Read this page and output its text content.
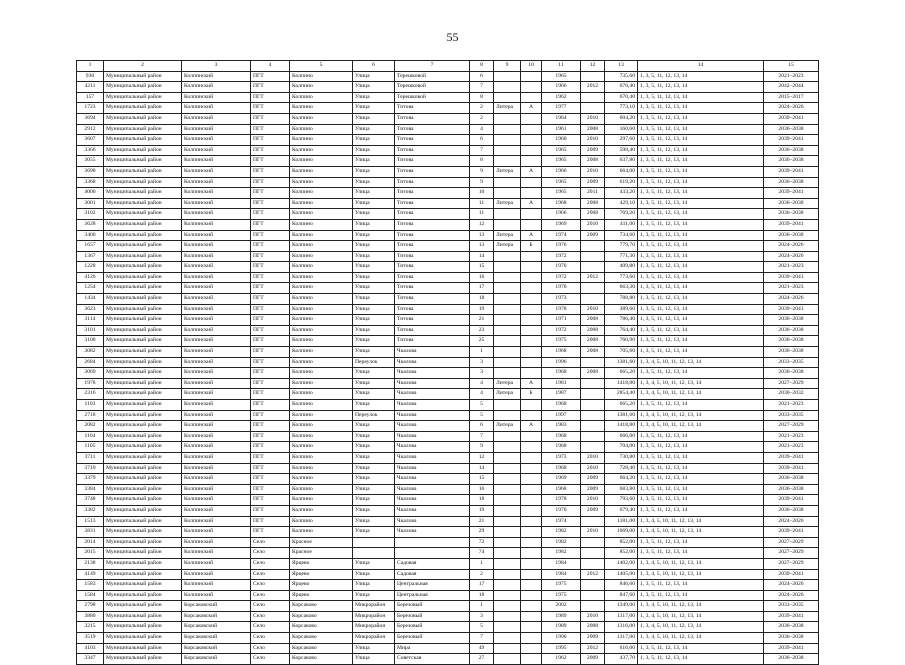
55
1	2	3	4	5	6	7	8	9	10	11	12	13	14	15
930	Муниципальный район	Колпинский	ПГТ	Колпино	Улица	Терешковой	6			1965		735,60	1, 3, 5, 11, 12, 13, 14	2021–2023
4211	Муниципальный район	Колпинский	ПГТ	Колпино	Улица	Терешковой	7			1966	2012	676,40	1, 3, 5, 11, 12, 13, 14	2042–2044
157	Муниципальный район	Колпинский	ПГТ	Колпино	Улица	Терешковой	8			1962		670,40	1, 3, 5, 11, 12, 13, 14	2015–2017
1723	Муниципальный район	Колпинский	ПГТ	Колпино	Улица	Титова	2	Литера	А	1977		773,10	1, 3, 5, 11, 12, 13, 14	2024–2026
3694	Муниципальный район	Колпинский	ПГТ	Колпино	Улица	Титова	2			1964	2010	604,20	1, 3, 5, 11, 12, 13, 14	2039–2041
2912	Муниципальный район	Колпинский	ПГТ	Колпино	Улица	Титова	4			1961	2008	160,60	1, 3, 5, 11, 12, 13, 14	2036–2038
3607	Муниципальный район	Колпинский	ПГТ	Колпино	Улица	Титова	6			1960	2010	297,60	1, 3, 5, 11, 12, 13, 14	2039–2041
3366	Муниципальный район	Колпинский	ПГТ	Колпино	Улица	Титова	7			1965	2009	598,40	1, 3, 5, 11, 12, 13, 14	2036–2038
3055	Муниципальный район	Колпинский	ПГТ	Колпино	Улица	Титова	8			1965	2008	637,80	1, 3, 5, 11, 12, 13, 14	2036–2038
3690	Муниципальный район	Колпинский	ПГТ	Колпино	Улица	Титова	9	Литера	А	1966	2010	664,00	1, 3, 5, 11, 12, 13, 14	2039–2041
3368	Муниципальный район	Колпинский	ПГТ	Колпино	Улица	Титова	9			1965	2009	619,20	1, 3, 5, 11, 12, 13, 14	2036–2038
4000	Муниципальный район	Колпинский	ПГТ	Колпино	Улица	Титова	10			1965	2011	433,20	1, 3, 5, 11, 12, 13, 14	2039–2041
3001	Муниципальный район	Колпинский	ПГТ	Колпино	Улица	Титова	11	Литера	А	1968	2008	429,10	1, 3, 5, 11, 12, 13, 14	2036–2038
3102	Муниципальный район	Колпинский	ПГТ	Колпино	Улица	Титова	11			1966	2008	769,20	1, 3, 5, 11, 12, 13, 14	2036–2038
3628	Муниципальный район	Колпинский	ПГТ	Колпино	Улица	Титова	12			1969	2010	411,00	1, 3, 5, 11, 12, 13, 14	2039–2041
3400	Муниципальный район	Колпинский	ПГТ	Колпино	Улица	Титова	13	Литера	А	1974	2009	734,60	1, 3, 5, 11, 12, 13, 14	2036–2038
1657	Муниципальный район	Колпинский	ПГТ	Колпино	Улица	Титова	13	Литера	Б	1976		779,70	1, 3, 5, 11, 12, 13, 14	2024–2026
1367	Муниципальный район	Колпинский	ПГТ	Колпино	Улица	Титова	14			1972		771,30	1, 3, 5, 11, 12, 13, 14	2024–2026
1228	Муниципальный район	Колпинский	ПГТ	Колпино	Улица	Титова	15			1970		409,80	1, 3, 5, 11, 12, 13, 14	2021–2023
4126	Муниципальный район	Колпинский	ПГТ	Колпино	Улица	Титова	16			1972	2012	773,60	1, 3, 5, 11, 12, 13, 14	2039–2041
1254	Муниципальный район	Колпинский	ПГТ	Колпино	Улица	Титова	17			1970		663,30	1, 3, 5, 11, 12, 13, 14	2021–2023
1434	Муниципальный район	Колпинский	ПГТ	Колпино	Улица	Титова	18			1973		788,80	1, 3, 5, 11, 12, 13, 14	2024–2026
3623	Муниципальный район	Колпинский	ПГТ	Колпино	Улица	Титова	19			1978	2010	389,60	1, 3, 5, 11, 12, 13, 14	2039–2041
3114	Муниципальный район	Колпинский	ПГТ	Колпино	Улица	Титова	21			1971	2008	786,40	1, 3, 5, 11, 12, 13, 14	2036–2038
3101	Муниципальный район	Колпинский	ПГТ	Колпино	Улица	Титова	23			1972	2008	764,40	1, 3, 5, 11, 12, 13, 14	2036–2038
3100	Муниципальный район	Колпинский	ПГТ	Колпино	Улица	Титова	25			1975	2008	760,90	1, 3, 5, 11, 12, 13, 14	2036–2038
3082	Муниципальный район	Колпинский	ПГТ	Колпино	Улица	Чкалова	1			1968	2008	705,60	1, 3, 5, 11, 12, 13, 14	2036–2038
2684	Муниципальный район	Колпинский	ПГТ	Колпино	Переулок	Чкалова	3			1996		1381,60	1, 3, 4, 5, 10, 11, 12, 13, 14	2033–2035
3069	Муниципальный район	Колпинский	ПГТ	Колпино	Улица	Чкалова	3			1968	2008	665,20	1, 3, 5, 11, 12, 13, 14	2036–2038
1978	Муниципальный район	Колпинский	ПГТ	Колпино	Улица	Чкалова	4	Литера	А	1981		1418,80	1, 3, 4, 5, 10, 11, 12, 13, 14	2027–2029
2316	Муниципальный район	Колпинский	ПГТ	Колпино	Улица	Чкалова	4	Литера	Б	1987		2854,40	1, 3, 4, 5, 10, 11, 12, 13, 14	2030–2032
1103	Муниципальный район	Колпинский	ПГТ	Колпино	Улица	Чкалова	5			1968		665,20	1, 3, 5, 11, 12, 13, 14	2021–2023
2718	Муниципальный район	Колпинский	ПГТ	Колпино	Переулок	Чкалова	5			1997		1381,60	1, 3, 4, 5, 10, 11, 12, 13, 14	2033–2035
2082	Муниципальный район	Колпинский	ПГТ	Колпино	Улица	Чкалова	6	Литера	А	1983		1418,80	1, 3, 4, 5, 10, 11, 12, 13, 14	2027–2029
1104	Муниципальный район	Колпинский	ПГТ	Колпино	Улица	Чкалова	7			1968		666,00	1, 3, 5, 11, 12, 13, 14	2021–2023
1105	Муниципальный район	Колпинский	ПГТ	Колпино	Улица	Чкалова	9			1968		704,00	1, 3, 5, 11, 12, 13, 14	2021–2023
3711	Муниципальный район	Колпинский	ПГТ	Колпино	Улица	Чкалова	12			1973	2010	730,80	1, 3, 5, 11, 12, 13, 14	2039–2041
3710	Муниципальный район	Колпинский	ПГТ	Колпино	Улица	Чкалова	14			1968	2010	728,40	1, 3, 5, 11, 12, 13, 14	2039–2041
3379	Муниципальный район	Колпинский	ПГТ	Колпино	Улица	Чкалова	15			1969	2009	664,20	1, 3, 5, 11, 12, 13, 14	2036–2038
3384	Муниципальный район	Колпинский	ПГТ	Колпино	Улица	Чкалова	16			1968	2009	683,80	1, 3, 5, 11, 12, 13, 14	2036–2038
3748	Муниципальный район	Колпинский	ПГТ	Колпино	Улица	Чкалова	18			1978	2010	793,60	1, 3, 5, 11, 12, 13, 14	2039–2041
3382	Муниципальный район	Колпинский	ПГТ	Колпино	Улица	Чкалова	19			1970	2009	679,40	1, 3, 5, 11, 12, 13, 14	2036–2038
1513	Муниципальный район	Колпинский	ПГТ	Колпино	Улица	Чкалова	21			1974		1181,00	1, 3, 4, 5, 10, 11, 12, 13, 14	2024–2026
3831	Муниципальный район	Колпинский	ПГТ	Колпино	Улица	Чкалова	29			1982	2010	1069,00	1, 3, 4, 5, 10, 11, 12, 13, 14	2039–2041
2014	Муниципальный район	Колпинский	Село	Красное			72			1982		852,00	1, 3, 5, 11, 12, 13, 14	2027–2029
2015	Муниципальный район	Колпинский	Село	Красное			74			1982		852,00	1, 3, 5, 11, 12, 13, 14	2027–2029
2138	Муниципальный район	Колпинский	Село	Ярцево	Улица	Садовая	1			1984		1402,00	1, 3, 4, 5, 10, 11, 12, 13, 14	2027–2029
4149	Муниципальный район	Колпинский	Село	Ярцево	Улица	Садовая	2			1984	2012	1405,00	1, 3, 4, 5, 10, 11, 12, 13, 14	2039–2041
1583	Муниципальный район	Колпинский	Село	Ярцево	Улица	Центральная	17			1975		846,60	1, 3, 5, 11, 12, 13, 14	2024–2026
1584	Муниципальный район	Колпинский	Село	Ярцево	Улица	Центральная	18			1975		847,60	1, 3, 5, 11, 12, 13, 14	2024–2026
2798	Муниципальный район	Корсаковский	Село	Корсаково	Микрорайон	Березовый	1			2002		1349,00	1, 3, 4, 5, 10, 11, 12, 13, 14	2033–2035
3880	Муниципальный район	Корсаковский	Село	Корсаково	Микрорайон	Березовый	3			1989	2010	1317,00	1, 3, 4, 5, 10, 11, 12, 13, 14	2039–2041
3215	Муниципальный район	Корсаковский	Село	Корсаково	Микрорайон	Березовый	5			1989	2008	1316,00	1, 3, 4, 5, 10, 11, 12, 13, 14	2036–2038
3519	Муниципальный район	Корсаковский	Село	Корсаково	Микрорайон	Березовый	7			1990	2009	1317,00	1, 3, 4, 5, 10, 11, 12, 13, 14	2036–2038
4103	Муниципальный район	Корсаковский	Село	Корсаково	Улица	Мира	49			1995	2012	616,00	1, 3, 5, 11, 12, 13, 14	2039–2041
3347	Муниципальный район	Корсаковский	Село	Корсаково	Улица	Советская	27			1962	2009	437,70	1, 3, 5, 11, 12, 13, 14	2036–2038
